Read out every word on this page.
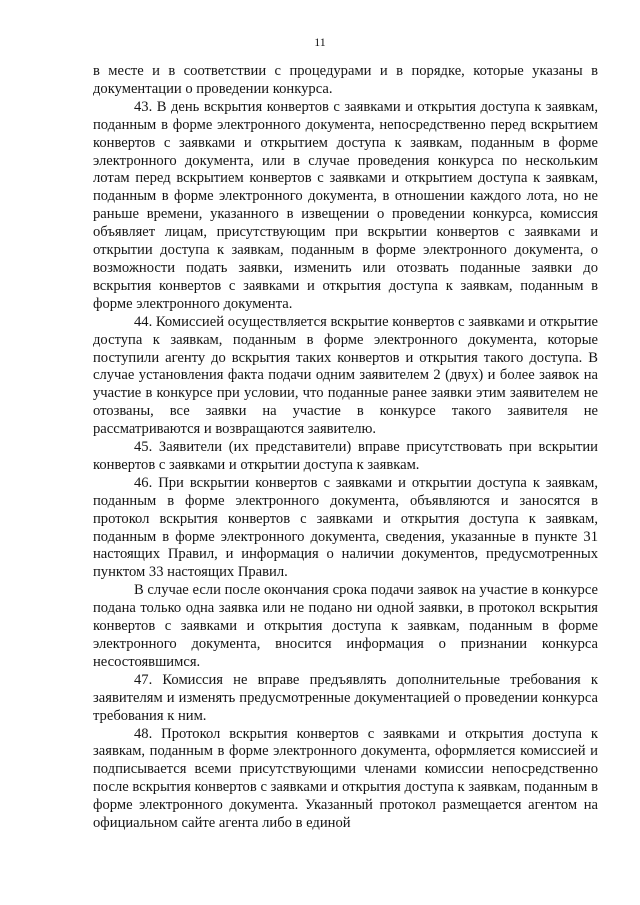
11

в месте и в соответствии с процедурами и в порядке, которые указаны в документации о проведении конкурса.

43. В день вскрытия конвертов с заявками и открытия доступа к заявкам, поданным в форме электронного документа, непосредственно перед вскрытием конвертов с заявками и открытием доступа к заявкам, поданным в форме электронного документа, или в случае проведения конкурса по нескольким лотам перед вскрытием конвертов с заявками и открытием доступа к заявкам, поданным в форме электронного документа, в отношении каждого лота, но не раньше времени, указанного в извещении о проведении конкурса, комиссия объявляет лицам, присутствующим при вскрытии конвертов с заявками и открытии доступа к заявкам, поданным в форме электронного документа, о возможности подать заявки, изменить или отозвать поданные заявки до вскрытия конвертов с заявками и открытия доступа к заявкам, поданным в форме электронного документа.

44. Комиссией осуществляется вскрытие конвертов с заявками и открытие доступа к заявкам, поданным в форме электронного документа, которые поступили агенту до вскрытия таких конвертов и открытия такого доступа. В случае установления факта подачи одним заявителем 2 (двух) и более заявок на участие в конкурсе при условии, что поданные ранее заявки этим заявителем не отозваны, все заявки на участие в конкурсе такого заявителя не рассматриваются и возвращаются заявителю.

45. Заявители (их представители) вправе присутствовать при вскрытии конвертов с заявками и открытии доступа к заявкам.

46. При вскрытии конвертов с заявками и открытии доступа к заявкам, поданным в форме электронного документа, объявляются и заносятся в протокол вскрытия конвертов с заявками и открытия доступа к заявкам, поданным в форме электронного документа, сведения, указанные в пункте 31 настоящих Правил, и информация о наличии документов, предусмотренных пунктом 33 настоящих Правил.

В случае если после окончания срока подачи заявок на участие в конкурсе подана только одна заявка или не подано ни одной заявки, в протокол вскрытия конвертов с заявками и открытия доступа к заявкам, поданным в форме электронного документа, вносится информация о признании конкурса несостоявшимся.

47. Комиссия не вправе предъявлять дополнительные требования к заявителям и изменять предусмотренные документацией о проведении конкурса требования к ним.

48. Протокол вскрытия конвертов с заявками и открытия доступа к заявкам, поданным в форме электронного документа, оформляется комиссией и подписывается всеми присутствующими членами комиссии непосредственно после вскрытия конвертов с заявками и открытия доступа к заявкам, поданным в форме электронного документа. Указанный протокол размещается агентом на официальном сайте агента либо в единой
